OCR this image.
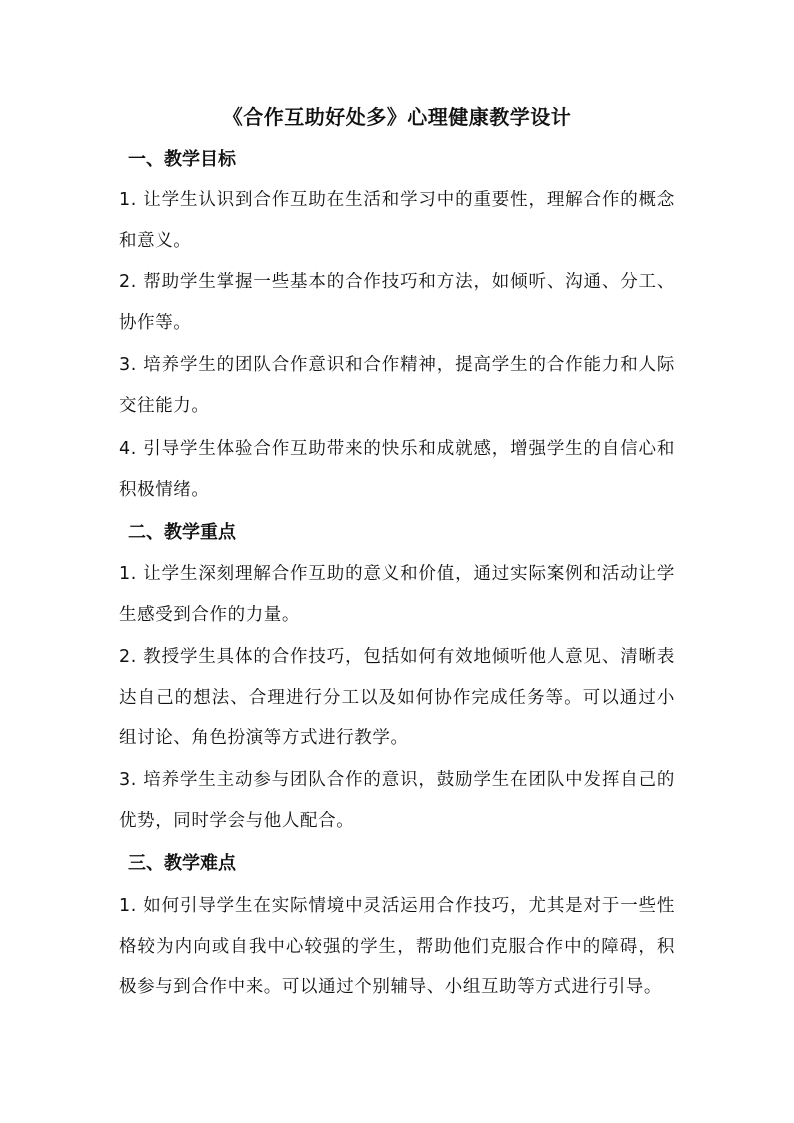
《合作互助好处多》心理健康教学设计
一、教学目标
1. 让学生认识到合作互助在生活和学习中的重要性，理解合作的概念和意义。
2. 帮助学生掌握一些基本的合作技巧和方法，如倾听、沟通、分工、协作等。
3. 培养学生的团队合作意识和合作精神，提高学生的合作能力和人际交往能力。
4. 引导学生体验合作互助带来的快乐和成就感，增强学生的自信心和积极情绪。
二、教学重点
1. 让学生深刻理解合作互助的意义和价值，通过实际案例和活动让学生感受到合作的力量。
2. 教授学生具体的合作技巧，包括如何有效地倾听他人意见、清晰表达自己的想法、合理进行分工以及如何协作完成任务等。可以通过小组讨论、角色扮演等方式进行教学。
3. 培养学生主动参与团队合作的意识，鼓励学生在团队中发挥自己的优势，同时学会与他人配合。
三、教学难点
1. 如何引导学生在实际情境中灵活运用合作技巧，尤其是对于一些性格较为内向或自我中心较强的学生，帮助他们克服合作中的障碍，积极参与到合作中来。可以通过个别辅导、小组互助等方式进行引导。
